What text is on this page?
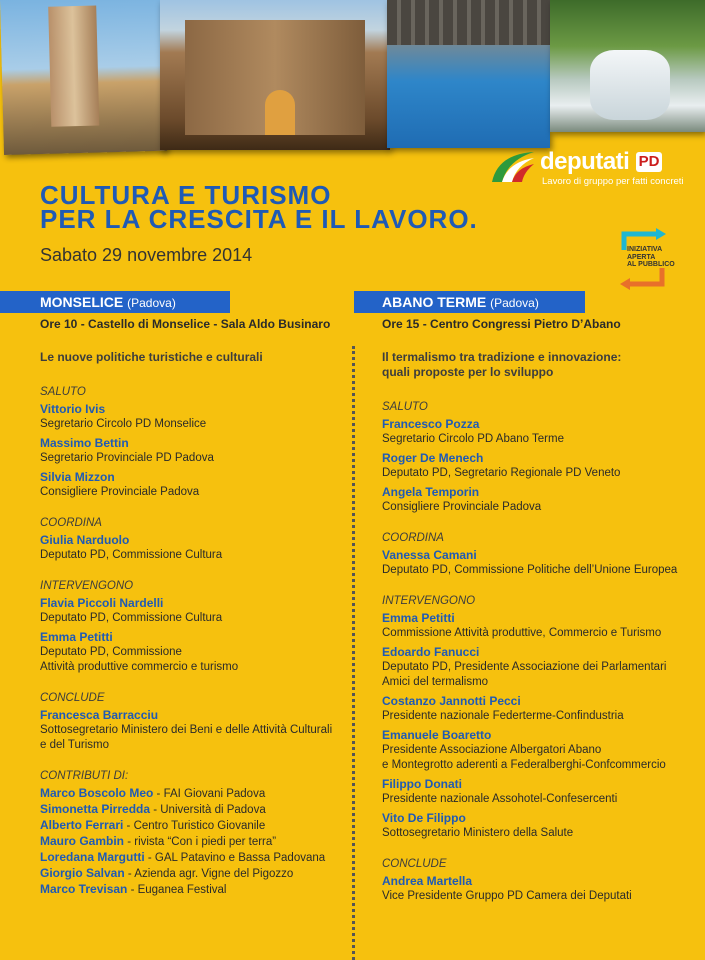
deputati PD
Lavoro di gruppo per fatti concreti
CULTURA E TURISMO
PER LA CRESCITA E IL LAVORO.
Sabato 29 novembre 2014	INIZIATIVA
APERTA
AL PUBBLICO
MONSELICE (Padova)	ABANO TERME (Padova)
Ore 10 - Castello di Monselice - Sala Aldo Businaro
Le nuove politiche turistiche e culturali
SALUTO
Vittorio Ivis
Segretario Circolo PD Monselice
Massimo Bettin
Segretario Provinciale PD Padova
Silvia Mizzon
Consigliere Provinciale Padova
COORDINA
Giulia Narduolo
Deputato PD, Commissione Cultura
INTERVENGONO
Flavia Piccoli Nardelli
Deputato PD, Commissione Cultura
Emma Petitti
Deputato PD, Commissione
Attività produttive commercio e turismo
CONCLUDE
Francesca Barracciu
Sottosegretario Ministero dei Beni e delle Attività Culturali
e del Turismo
CONTRIBUTI DI:
Marco Boscolo Meo - FAI Giovani Padova
Simonetta Pirredda - Università di Padova
Alberto Ferrari - Centro Turistico Giovanile
Mauro Gambin - rivista “Con i piedi per terra”
Loredana Margutti - GAL Patavino e Bassa Padovana
Giorgio Salvan - Azienda agr. Vigne del Pigozzo
Marco Trevisan - Euganea Festival
Ore 15 - Centro Congressi Pietro D’Abano
Il termalismo tra tradizione e innovazione:
quali proposte per lo sviluppo
SALUTO
Francesco Pozza
Segretario Circolo PD Abano Terme
Roger De Menech
Deputato PD, Segretario Regionale PD Veneto
Angela Temporin
Consigliere Provinciale Padova
COORDINA
Vanessa Camani
Deputato PD, Commissione Politiche dell’Unione Europea
INTERVENGONO
Emma Petitti
Commissione Attività produttive, Commercio e Turismo
Edoardo Fanucci
Deputato PD, Presidente Associazione dei Parlamentari
Amici del termalismo
Costanzo Jannotti Pecci
Presidente nazionale Federterme-Confindustria
Emanuele Boaretto
Presidente Associazione Albergatori Abano
e Montegrotto aderenti a Federalberghi-Confcommercio
Filippo Donati
Presidente nazionale Assohotel-Confesercenti
Vito De Filippo
Sottosegretario Ministero della Salute
CONCLUDE
Andrea Martella
Vice Presidente Gruppo PD Camera dei Deputati
